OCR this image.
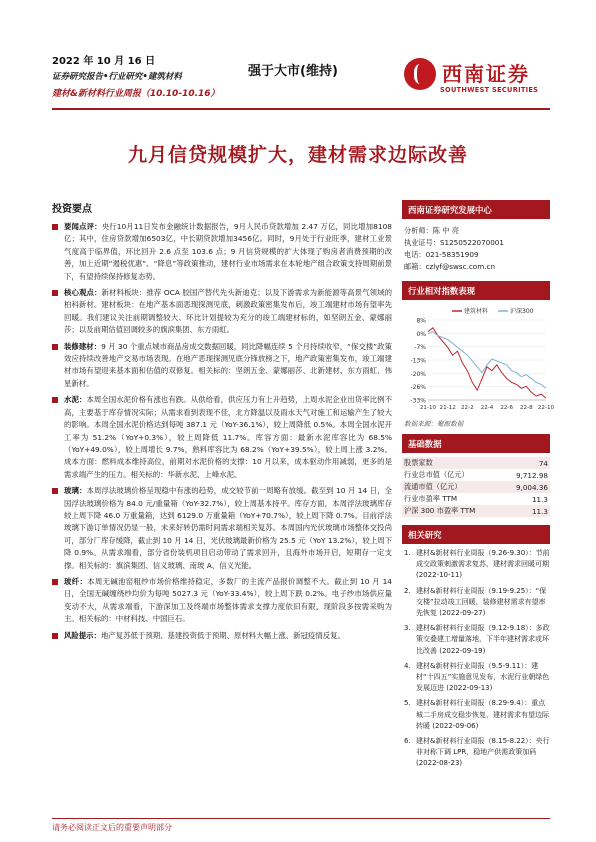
2022 年 10 月 16 日
证券研究报告•行业研究•建筑材料
建材&新材料行业周报（10.10-10.16）
强于大市(维持)	西南证券
SOUTHWEST SECURITIES
九月信贷规模扩大，建材需求边际改善
投资要点
要闻点评：央行10月11日发布金融统计数据报告，9月人民币贷款增加 2.47 万亿，同比增加8108亿；其中，住房贷款增加6503亿，中长期贷款增加3456亿。同时，9月处于行业旺季，建材工业景气度高于临界值，环比回升 2.6 点至 103.6 点；9 月信贷规模的扩大体现了购房者消费预期的改善，加上近期“遏税优惠”、“降息”等政策推动，建材行业市场需求在本轮地产组合政策支持周期前景下，有望持续保持修复态势。
核心观点：新材料板块：推荐 OCA 胶国产替代先头新迪克；以及下游需求为新能源等高景气领域的柏科新材。建材板块：在地产基本面恶现探测见底，刺激政策密集发布后，竣工端建材市场有望率先回暖。我们建议关注前期调整较大、环比计划提较为充分的竣工端建材标的，如坚朗五金、蒙娜丽莎；以及前期估值回调较多的旗滨集团、东方雨虹。
装修建材：9 月 30 个重点城市商品房成交数据回暖，同比降幅连续 5 个月持续收窄，“保交楼”政策效应持续改善地产交易市场表现。在地产恶现探测见底分锋放榜之下，地产政策密集发布，竣工端建材市场有望迎来基本面和估值的双修复。相关标的：坚朗五金、蒙娜丽莎、北新建材、东方雨虹、伟星新材。
水泥：本周全国水泥价格有涨也有跌。从供给看，供应压力有上升趋势，上周水泥企业出货率比例不高，主要基于库存情况实际；从需求看到表现不佳，北方降温以及雨水天气对施工和运输产生了较大的影响。本周全国水泥价格达到每吨 387.1 元（YoY-36.1%），较上周降低 0.5%。本周全国水泥开工率为 51.2%（YoY+0.3%），较上周降低 11.7%。库容方面：最新水泥库容比为 68.5%（YoY+49.0%），较上周增长 9.7%，熟料库容比为 68.2%（YoY+39.5%），较上周上涨 3.2%。成本方面：燃料成本维持高位，前期对水泥价格的支撑：10 月以来，成本驱动作用减弱，更多的是需求端产生的压力。相关标的：华新水泥、上峰水泥。
玻璃：本周浮法玻璃价格呈现稳中有涨的趋势，成交较节前一周略有放缓。截至到 10 月 14 日，全国浮法玻璃价格为 84.0 元/重量箱（YoY-32.7%），较上周基本持平。库存方面，本周浮法玻璃库存较上周下降 46.0 万重量箱，达到 6129.0 万重量箱（YoY+70.7%），较上周下降 0.7%。目前浮法玻璃下游订单情况仍显一般，未来好转仍需时间需求端相关复苏。本周国内光伏玻璃市场整体交投尚可，部分厂库存缓降，截止到 10 月 14 日，光伏玻璃最新价格为 25.5 元（YoY 13.2%），较上周下降 0.9%。从需求端看，部分省份装机项目启动带动了需求回升，且海外市场开启，短期存一定支撑。相关标的：旗滨集团、信义玻璃、南玻 A、信义光能。
玻纤：本周无碱池窑粗纱市场价格维持稳定，多数厂的主流产品报价调整不大。截止到 10 月 14 日，全国无碱缠绕纱均价为每吨 5027.3 元（YoY-33.4%），较上周下跌 0.2%。电子纱市场供应量变动不大，从需求端看，下游深加工及终端市场整体需求支撑力度依旧有限，现阶段多按需采购为主。相关标的：中材科技、中国巨石。
风险提示：地产复苏低于预期、基建投资低于预期、原材料大幅上涨、新冠疫情反复。
西南证券研究发展中心
分析师：陈 中 亮
执业证号：S1250522070001
电话：021-58351909
邮箱：czlyf@swsc.com.cn
行业相对指数表现
8%
0%
-7%
-13%
-20%
-26%
-33%
21-10 21-12 22-2 22-4 22-6 22-8 22-10
建筑材料	沪深300
数据来源：聚源数据
基础数据
股票家数	74
行业总市值（亿元）	9,712.98
流通市值（亿元）	9,004.36
行业市盈率 TTM	11.3
沪深 300 市盈率 TTM	11.3
相关研究
1. 建材&新材料行业周报（9.26-9.30）：节前成交政策刺激需求复苏，建材需求回暖可期 (2022-10-11)
2. 建材&新材料行业周报（9.19-9.25）：“保交楼”拉动竣工回暖，装修建材需求有望率先恢复 (2022-09-27)
3. 建材&新材料行业周报（9.12-9.18）：多政策交叠建工增量落地，下半年建材需求或环比改善 (2022-09-19)
4. 建材&新材料行业周报（9.5-9.11）：建材“十四五”实施意见发布，水泥行业朝绿色发展迈进 (2022-09-13)
5. 建材&新材料行业周报（8.29-9.4）：重点城二手房成交稳步恢复，建材需求有望边际转暖 (2022-09-06)
6. 建材&新材料行业周报（8.15-8.22）：央行非对称下调 LPR，稳地产供需政策加码 (2022-08-23)
请务必阅读正文后的重要声明部分
